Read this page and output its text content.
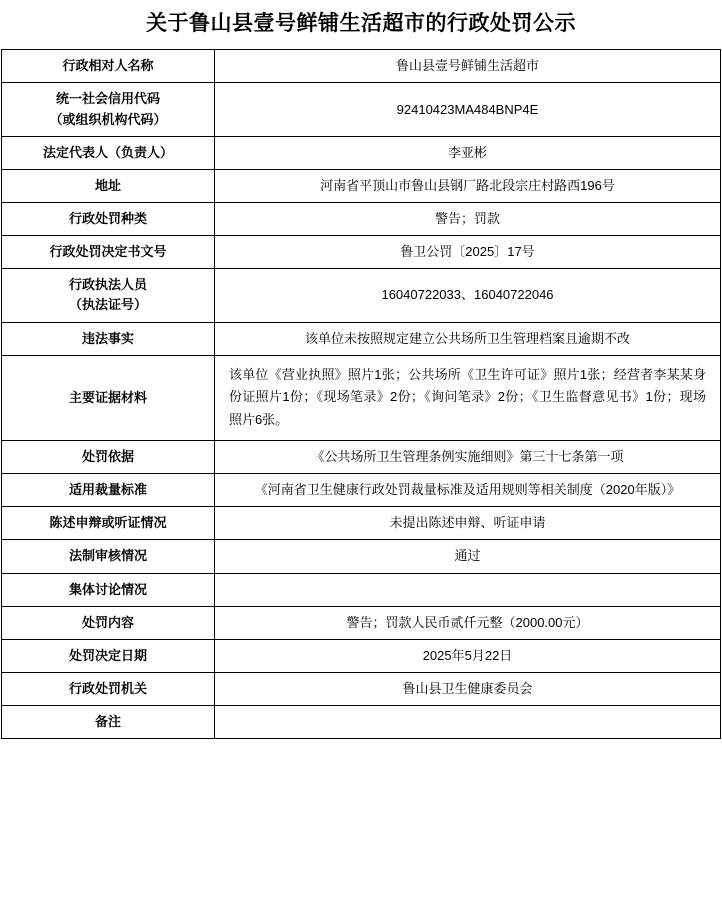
关于鲁山县壹号鲜铺生活超市的行政处罚公示
行政相对人名称	鲁山县壹号鲜铺生活超市
统一社会信用代码
（或组织机构代码）	92410423MA484BNP4E
法定代表人（负责人）	李亚彬
地址	河南省平顶山市鲁山县钢厂路北段宗庄村路西196号
行政处罚种类	警告；罚款
行政处罚决定书文号	鲁卫公罚〔2025〕17号
行政执法人员
（执法证号）	16040722033、16040722046
违法事实	该单位未按照规定建立公共场所卫生管理档案且逾期不改
主要证据材料	该单位《营业执照》照片1张；公共场所《卫生许可证》照片1张；经营者李某某身份证照片1份；《现场笔录》2份；《询问笔录》2份；《卫生监督意见书》1份；现场照片6张。
处罚依据	《公共场所卫生管理条例实施细则》第三十七条第一项
适用裁量标准	《河南省卫生健康行政处罚裁量标准及适用规则等相关制度（2020年版）》
陈述申辩或听证情况	未提出陈述申辩、听证申请
法制审核情况	通过
集体讨论情况	
处罚内容	警告；罚款人民币贰仟元整（2000.00元）
处罚决定日期	2025年5月22日
行政处罚机关	鲁山县卫生健康委员会
备注	
